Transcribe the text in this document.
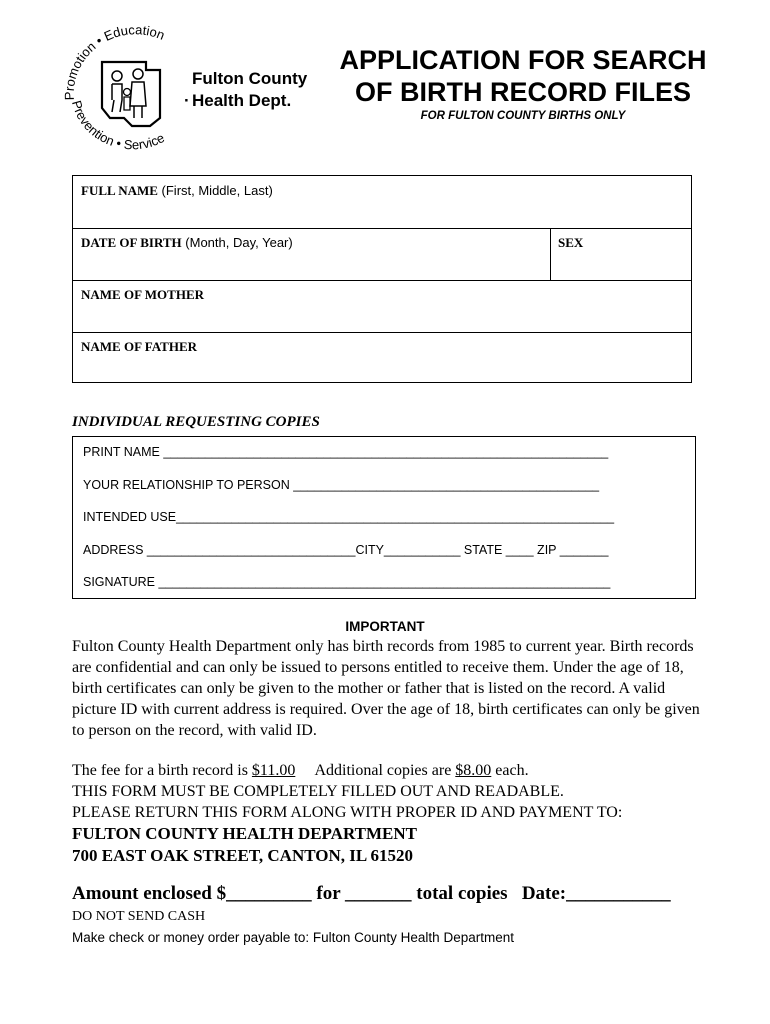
Promotion • Education
Prevention • Service
Fulton County
· Health Dept.
APPLICATION FOR SEARCH
OF BIRTH RECORD FILES
FOR FULTON COUNTY BIRTHS ONLY
FULL NAME (First, Middle, Last)
DATE OF BIRTH (Month, Day, Year)	SEX
NAME OF MOTHER
NAME OF FATHER
INDIVIDUAL REQUESTING COPIES
PRINT NAME ________________________________________________________________
YOUR RELATIONSHIP TO PERSON ____________________________________________
INTENDED USE_______________________________________________________________
ADDRESS ______________________________CITY___________ STATE ____ ZIP _______
SIGNATURE _________________________________________________________________
IMPORTANT
Fulton County Health Department only has birth records from 1985 to current year. Birth records are confidential and can only be issued to persons entitled to receive them. Under the age of 18, birth certificates can only be given to the mother or father that is listed on the record. A valid picture ID with current address is required. Over the age of 18, birth certificates can only be given to person on the record, with valid ID.
The fee for a birth record is $11.00     Additional copies are $8.00 each.
THIS FORM MUST BE COMPLETELY FILLED OUT AND READABLE.
PLEASE RETURN THIS FORM ALONG WITH PROPER ID AND PAYMENT TO:
FULTON COUNTY HEALTH DEPARTMENT
700 EAST OAK STREET, CANTON, IL 61520
Amount enclosed $_________ for _______ total copies   Date:___________
DO NOT SEND CASH
Make check or money order payable to: Fulton County Health Department
